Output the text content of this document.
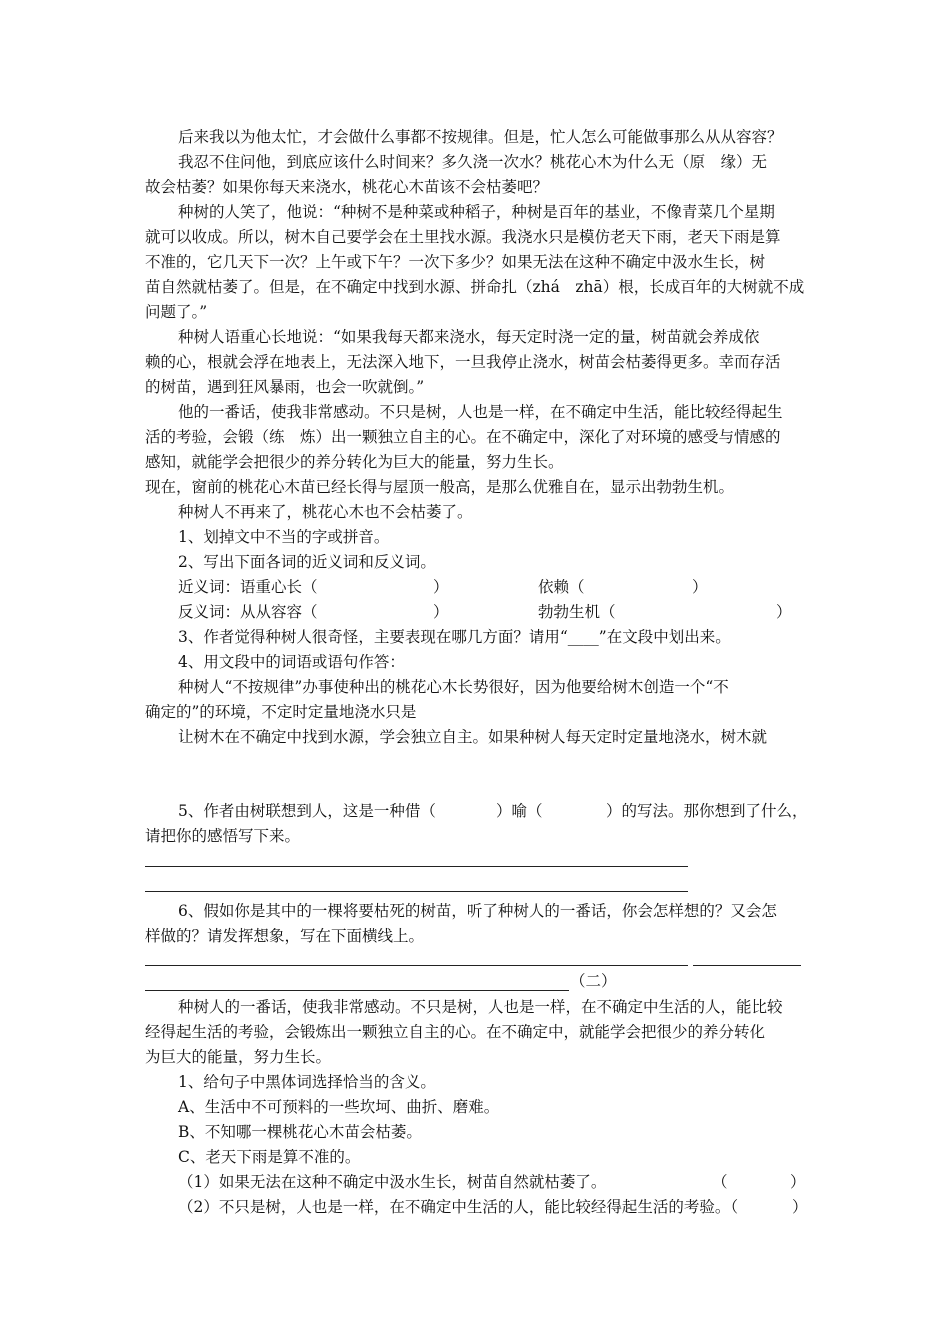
后来我以为他太忙，才会做什么事都不按规律。但是，忙人怎么可能做事那么从从容容？
我忍不住问他，到底应该什么时间来？多久浇一次水？桃花心木为什么无（原　缘）无
故会枯萎？如果你每天来浇水，桃花心木苗该不会枯萎吧？
种树的人笑了，他说：“种树不是种菜或种稻子，种树是百年的基业，不像青菜几个星期
就可以收成。所以，树木自己要学会在土里找水源。我浇水只是模仿老天下雨，老天下雨是算
不准的，它几天下一次？上午或下午？一次下多少？如果无法在这种不确定中汲水生长，树
苗自然就枯萎了。但是，在不确定中找到水源、拼命扎（zhá　zhā）根，长成百年的大树就不成
问题了。”
种树人语重心长地说：“如果我每天都来浇水，每天定时浇一定的量，树苗就会养成依
赖的心，根就会浮在地表上，无法深入地下，一旦我停止浇水，树苗会枯萎得更多。幸而存活
的树苗，遇到狂风暴雨，也会一吹就倒。”
他的一番话，使我非常感动。不只是树，人也是一样，在不确定中生活，能比较经得起生
活的考验，会锻（练　炼）出一颗独立自主的心。在不确定中，深化了对环境的感受与情感的
感知，就能学会把很少的养分转化为巨大的能量，努力生长。
现在，窗前的桃花心木苗已经长得与屋顶一般高，是那么优雅自在，显示出勃勃生机。
种树人不再来了，桃花心木也不会枯萎了。
1、划掉文中不当的字或拼音。
2、写出下面各词的近义词和反义词。
近义词：语重心长（	）	依赖（	）
反义词：从从容容（	）	勃勃生机（	）
3、作者觉得种树人很奇怪，主要表现在哪几方面？请用“____”在文段中划出来。
4、用文段中的词语或语句作答：
种树人“不按规律”办事使种出的桃花心木长势很好，因为他要给树木创造一个“不
确定的”的环境，不定时定量地浇水只是
让树木在不确定中找到水源，学会独立自主。如果种树人每天定时定量地浇水，树木就
5、作者由树联想到人，这是一种借（	）喻（	）的写法。那你想到了什么，
请把你的感悟写下来。
6、假如你是其中的一棵将要枯死的树苗，听了种树人的一番话，你会怎样想的？又会怎
样做的？请发挥想象，写在下面横线上。
（二）
种树人的一番话，使我非常感动。不只是树，人也是一样，在不确定中生活的人，能比较
经得起生活的考验，会锻炼出一颗独立自主的心。在不确定中，就能学会把很少的养分转化
为巨大的能量，努力生长。
1、给句子中黑体词选择恰当的含义。
A、生活中不可预料的一些坎坷、曲折、磨难。
B、不知哪一棵桃花心木苗会枯萎。
C、老天下雨是算不准的。
（1）如果无法在这种不确定中汲水生长，树苗自然就枯萎了。	（	）
（2）不只是树，人也是一样，在不确定中生活的人，能比较经得起生活的考验。（	）
